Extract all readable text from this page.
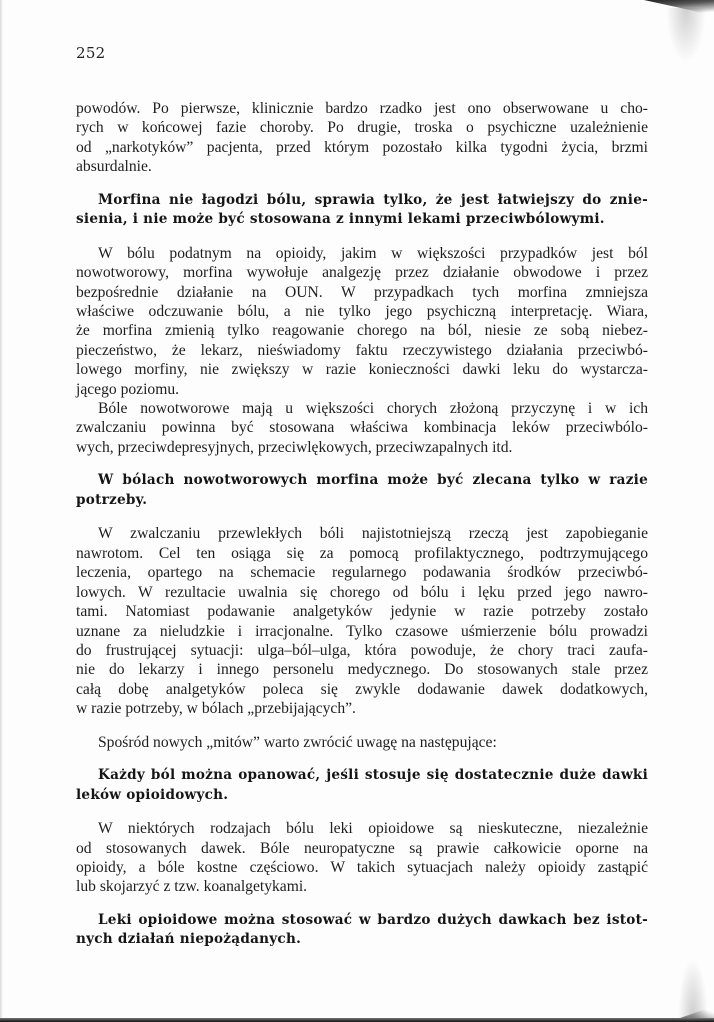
252
powodów. Po pierwsze, klinicznie bardzo rzadko jest ono obserwowane u cho-
rych w końcowej fazie choroby. Po drugie, troska o psychiczne uzależnienie
od „narkotyków” pacjenta, przed którym pozostało kilka tygodni życia, brzmi
absurdalnie.
Morfina nie łagodzi bólu, sprawia tylko, że jest łatwiejszy do znie-
sienia, i nie może być stosowana z innymi lekami przeciwbólowymi.
W bólu podatnym na opioidy, jakim w większości przypadków jest ból
nowotworowy, morfina wywołuje analgezję przez działanie obwodowe i przez
bezpośrednie działanie na OUN. W przypadkach tych morfina zmniejsza
właściwe odczuwanie bólu, a nie tylko jego psychiczną interpretację. Wiara,
że morfina zmienią tylko reagowanie chorego na ból, niesie ze sobą niebez-
pieczeństwo, że lekarz, nieświadomy faktu rzeczywistego działania przeciwbó-
lowego morfiny, nie zwiększy w razie konieczności dawki leku do wystarcza-
jącego poziomu.
Bóle nowotworowe mają u większości chorych złożoną przyczynę i w ich
zwalczaniu powinna być stosowana właściwa kombinacja leków przeciwbólo-
wych, przeciwdepresyjnych, przeciwlękowych, przeciwzapalnych itd.
W bólach nowotworowych morfina może być zlecana tylko w razie
potrzeby.
W zwalczaniu przewlekłych bóli najistotniejszą rzeczą jest zapobieganie
nawrotom. Cel ten osiąga się za pomocą profilaktycznego, podtrzymującego
leczenia, opartego na schemacie regularnego podawania środków przeciwbó-
lowych. W rezultacie uwalnia się chorego od bólu i lęku przed jego nawro-
tami. Natomiast podawanie analgetyków jedynie w razie potrzeby zostało
uznane za nieludzkie i irracjonalne. Tylko czasowe uśmierzenie bólu prowadzi
do frustrującej sytuacji: ulga–ból–ulga, która powoduje, że chory traci zaufa-
nie do lekarzy i innego personelu medycznego. Do stosowanych stale przez
całą dobę analgetyków poleca się zwykle dodawanie dawek dodatkowych,
w razie potrzeby, w bólach „przebijających”.
Spośród nowych „mitów” warto zwrócić uwagę na następujące:
Każdy ból można opanować, jeśli stosuje się dostatecznie duże dawki
leków opioidowych.
W niektórych rodzajach bólu leki opioidowe są nieskuteczne, niezależnie
od stosowanych dawek. Bóle neuropatyczne są prawie całkowicie oporne na
opioidy, a bóle kostne częściowo. W takich sytuacjach należy opioidy zastąpić
lub skojarzyć z tzw. koanalgetykami.
Leki opioidowe można stosować w bardzo dużych dawkach bez istot-
nych działań niepożądanych.
